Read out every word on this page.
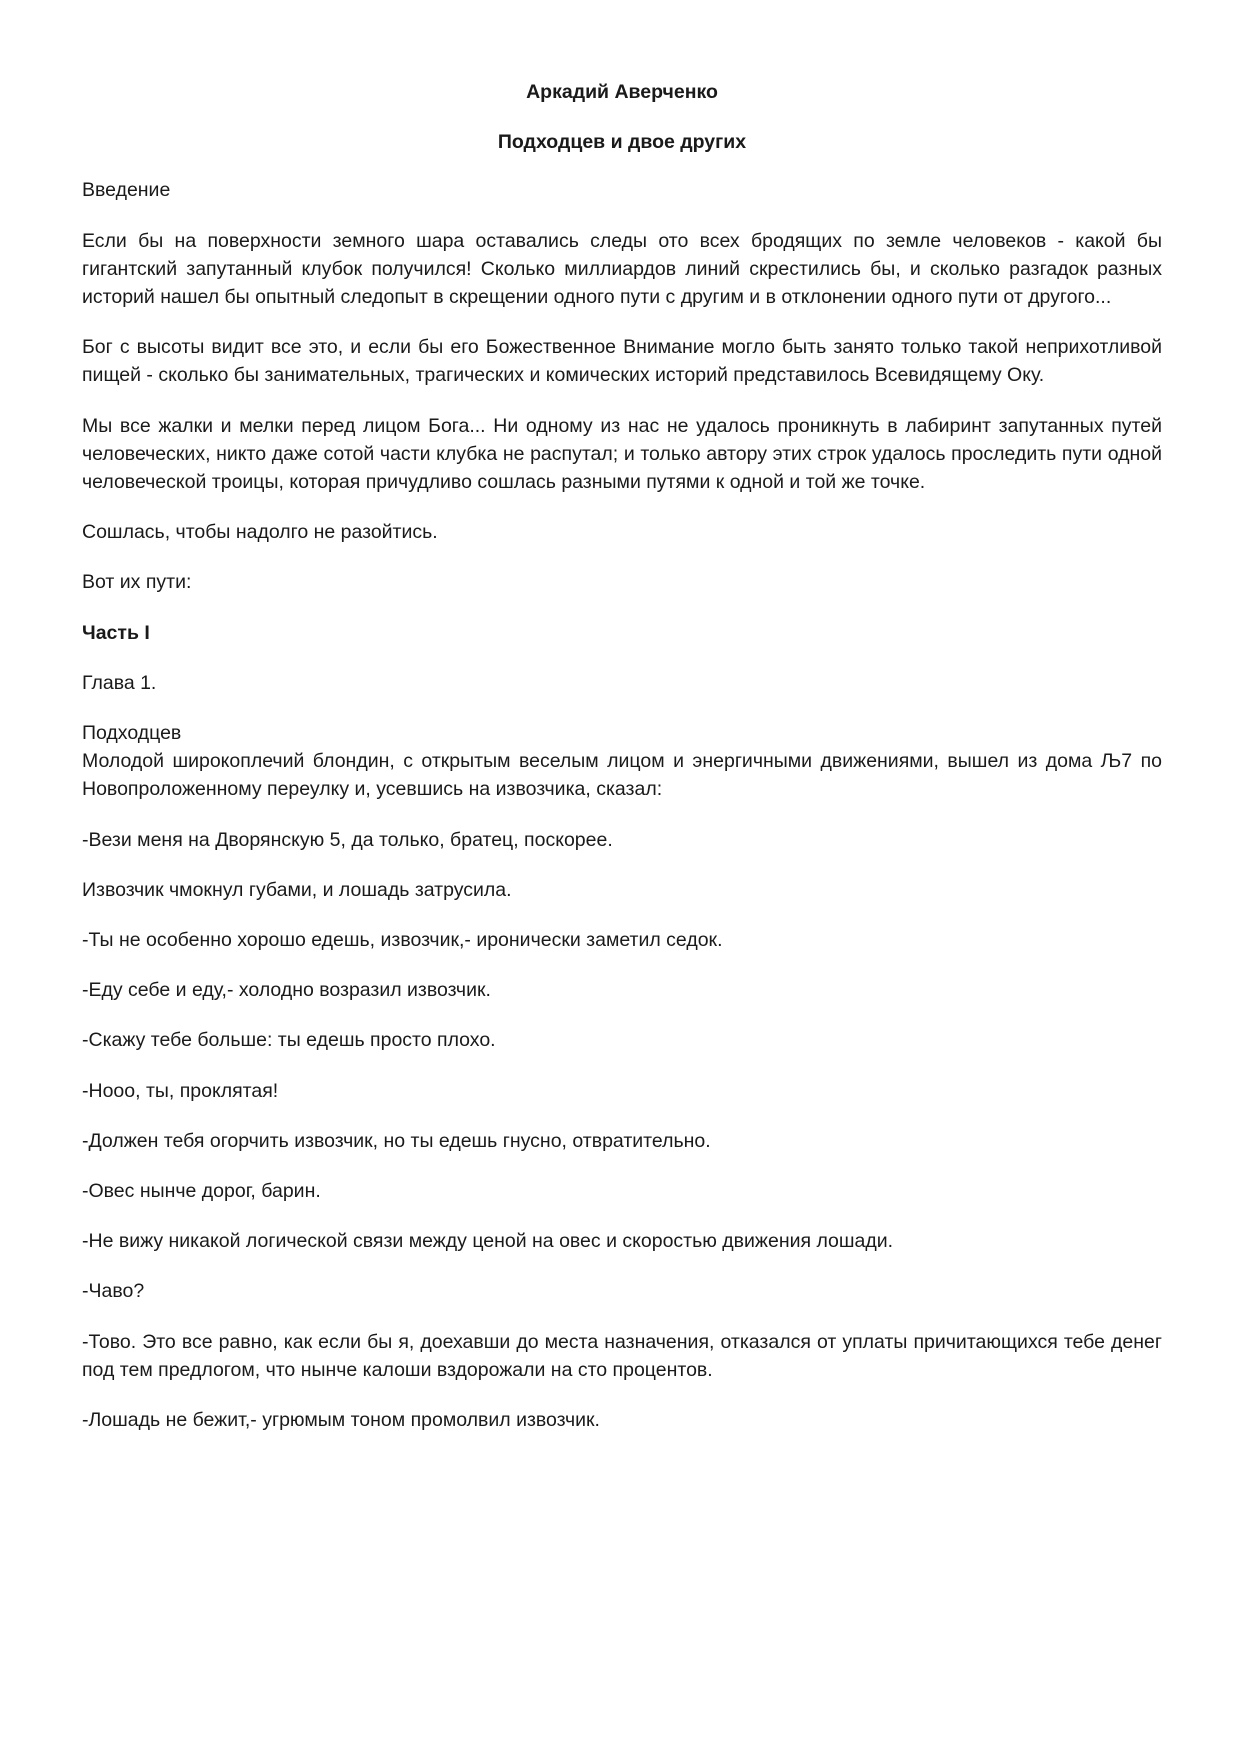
Аркадий Аверченко

Подходцев и двое других

Введение

Если бы на поверхности земного шара оставались следы ото всех бродящих по земле человеков - какой бы гигантский запутанный клубок получился! Сколько миллиардов линий скрестились бы, и сколько разгадок разных историй нашел бы опытный следопыт в скрещении одного пути с другим и в отклонении одного пути от другого...

Бог с высоты видит все это, и если бы его Божественное Внимание могло быть занято только такой неприхотливой пищей - сколько бы занимательных, трагических и комических историй представилось Всевидящему Оку.

Мы все жалки и мелки перед лицом Бога... Ни одному из нас не удалось проникнуть в лабиринт запутанных путей человеческих, никто даже сотой части клубка не распутал; и только автору этих строк удалось проследить пути одной человеческой троицы, которая причудливо сошлась разными путями к одной и той же точке.

Сошлась, чтобы надолго не разойтись.

Вот их пути:

Часть I

Глава 1.

Подходцев

Молодой широкоплечий блондин, с открытым веселым лицом и энергичными движениями, вышел из дома Љ7 по Новопроложенному переулку и, усевшись на извозчика, сказал:

-Вези меня на Дворянскую 5, да только, братец, поскорее.

Извозчик чмокнул губами, и лошадь затрусила.

-Ты не особенно хорошо едешь, извозчик,- иронически заметил седок.

-Еду себе и еду,- холодно возразил извозчик.

-Скажу тебе больше: ты едешь просто плохо.

-Нооо, ты, проклятая!

-Должен тебя огорчить извозчик, но ты едешь гнусно, отвратительно.

-Овес нынче дорог, барин.

-Не вижу никакой логической связи между ценой на овес и скоростью движения лошади.

-Чаво?

-Тово. Это все равно, как если бы я, доехавши до места назначения, отказался от уплаты причитающихся тебе денег под тем предлогом, что нынче калоши вздорожали на сто процентов.

-Лошадь не бежит,- угрюмым тоном промолвил извозчик.
